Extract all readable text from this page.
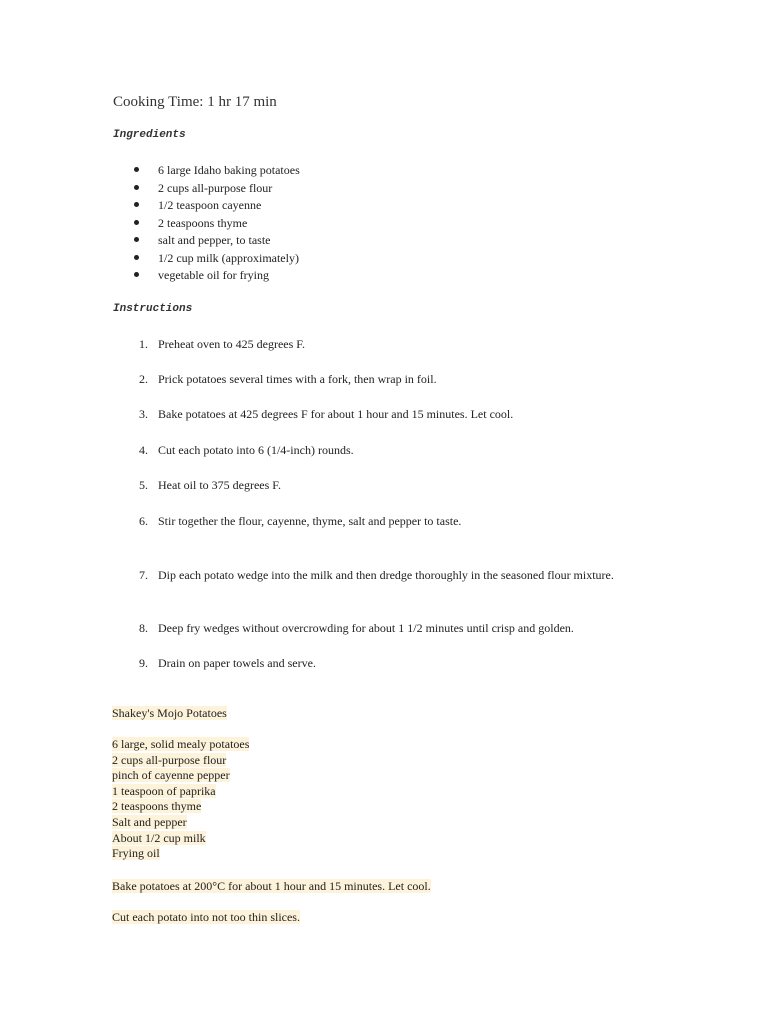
Cooking Time: 1 hr 17 min
Ingredients
6 large Idaho baking potatoes
2 cups all-purpose flour
1/2 teaspoon cayenne
2 teaspoons thyme
salt and pepper, to taste
1/2 cup milk (approximately)
vegetable oil for frying
Instructions
1. Preheat oven to 425 degrees F.
2. Prick potatoes several times with a fork, then wrap in foil.
3. Bake potatoes at 425 degrees F for about 1 hour and 15 minutes. Let cool.
4. Cut each potato into 6 (1/4-inch) rounds.
5. Heat oil to 375 degrees F.
6. Stir together the flour, cayenne, thyme, salt and pepper to taste.
7. Dip each potato wedge into the milk and then dredge thoroughly in the seasoned flour mixture.
8. Deep fry wedges without overcrowding for about 1 1/2 minutes until crisp and golden.
9. Drain on paper towels and serve.
Shakey's Mojo Potatoes
6 large, solid mealy potatoes
2 cups all-purpose flour
pinch of cayenne pepper
1 teaspoon of paprika
2 teaspoons thyme
Salt and pepper
About 1/2 cup milk
Frying oil
Bake potatoes at 200°C for about 1 hour and 15 minutes. Let cool.
Cut each potato into not too thin slices.
